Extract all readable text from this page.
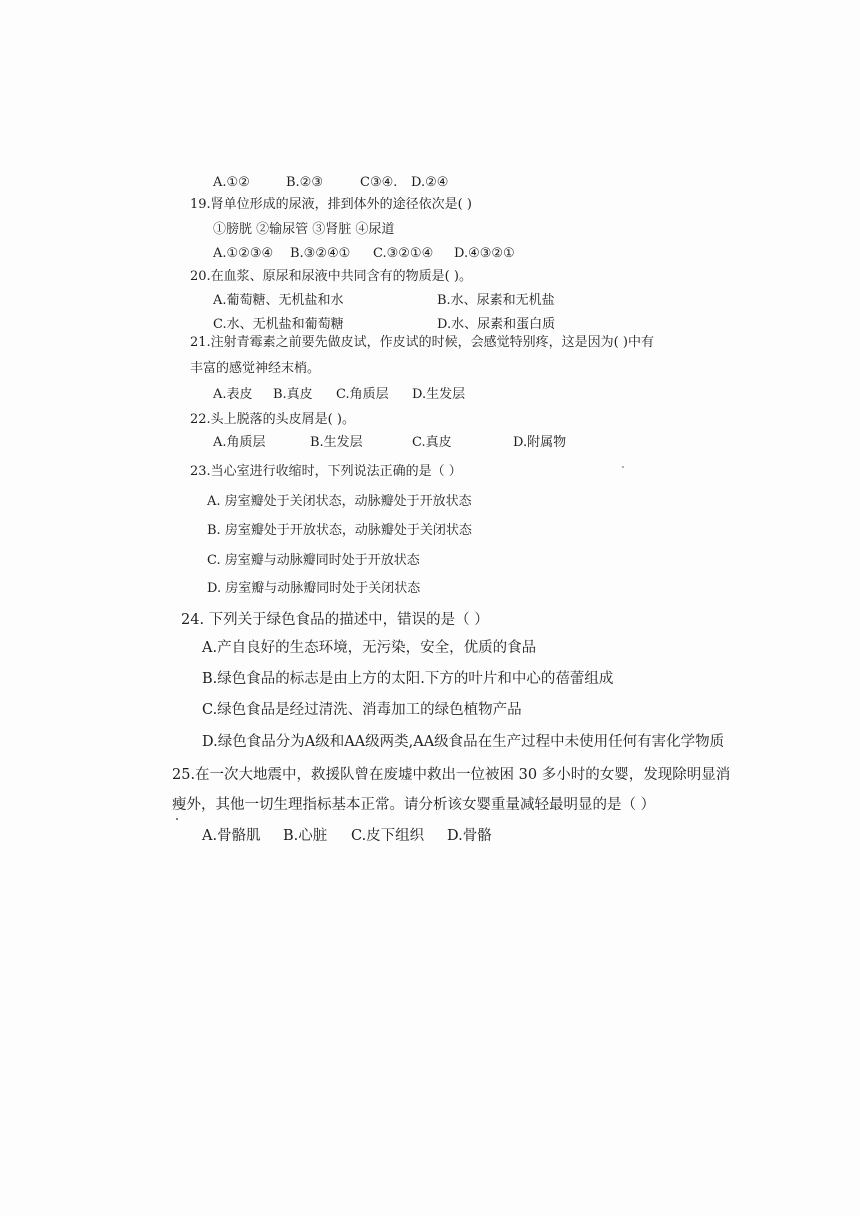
A.①②	B.②③	C③④. D.②④
19.肾单位形成的尿液，排到体外的途径依次是( )
①膀胱 ②输尿管 ③肾脏 ④尿道
A.①②③④ B.③②④① C.③②①④ D.④③②①
20.在血浆、原尿和尿液中共同含有的物质是( )。
A.葡萄糖、无机盐和水	B.水、尿素和无机盐
C.水、无机盐和葡萄糖	D.水、尿素和蛋白质
21.注射青霉素之前要先做皮试，作皮试的时候，会感觉特别疼，这是因为( )中有
丰富的感觉神经末梢。
A.表皮 B.真皮 C.角质层 D.生发层
22.头上脱落的头皮屑是( )。
A.角质层	B.生发层	C.真皮	D.附属物
23.当心室进行收缩时，下列说法正确的是（ ）
A. 房室瓣处于关闭状态，动脉瓣处于开放状态
B. 房室瓣处于开放状态，动脉瓣处于关闭状态
C. 房室瓣与动脉瓣同时处于开放状态
D. 房室瓣与动脉瓣同时处于关闭状态
24. 下列关于绿色食品的描述中，错误的是（ ）
A.产自良好的生态环境，无污染，安全，优质的食品
B.绿色食品的标志是由上方的太阳.下方的叶片和中心的蓓蕾组成
C.绿色食品是经过清洗、消毒加工的绿色植物产品
D.绿色食品分为A级和AA级两类,AA级食品在生产过程中未使用任何有害化学物质
25.在一次大地震中，救援队曾在废墟中救出一位被困 30 多小时的女婴，发现除明显消
瘦外，其他一切生理指标基本正常。请分析该女婴重量减轻最明显的是（ ）
A.骨骼肌 B.心脏 C.皮下组织 D.骨骼
